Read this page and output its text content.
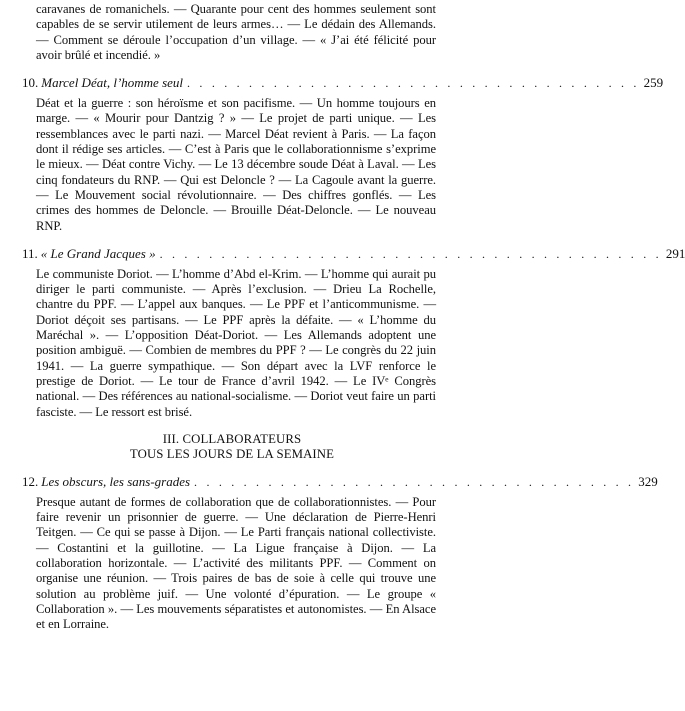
caravanes de romanichels. — Quarante pour cent des hommes seulement sont capables de se servir utilement de leurs armes… — Le dédain des Allemands. — Comment se déroule l’occupation d’un village. — « J’ai été félicité pour avoir brûlé et incendié. »

10. Marcel Déat, l’homme seul . . . . . . . . . . . . . . . . . . . . . . . . . . . . . . . . . . . . . 259

Déat et la guerre : son héroïsme et son pacifisme. — Un homme toujours en marge. — « Mourir pour Dantzig ? » — Le projet de parti unique. — Les ressemblances avec le parti nazi. — Marcel Déat revient à Paris. — La façon dont il rédige ses articles. — C’est à Paris que le collaborationnisme s’exprime le mieux. — Déat contre Vichy. — Le 13 décembre soude Déat à Laval. — Les cinq fondateurs du RNP. — Qui est Deloncle ? — La Cagoule avant la guerre. — Le Mouvement social révolutionnaire. — Des chiffres gonflés. — Les crimes des hommes de Deloncle. — Brouille Déat-Deloncle. — Le nouveau RNP.

11. « Le Grand Jacques » . . . . . . . . . . . . . . . . . . . . . . . . . . . . . . . . . . . . . . . . . 291

Le communiste Doriot. — L’homme d’Abd el-Krim. — L’homme qui aurait pu diriger le parti communiste. — Après l’exclusion. — Drieu La Rochelle, chantre du PPF. — L’appel aux banques. — Le PPF et l’anticommunisme. — Doriot déçoit ses partisans. — Le PPF après la défaite. — « L’homme du Maréchal ». — L’opposition Déat-Doriot. — Les Allemands adoptent une position ambiguë. — Combien de membres du PPF ? — Le congrès du 22 juin 1941. — La guerre sympathique. — Son départ avec la LVF renforce le prestige de Doriot. — Le tour de France d’avril 1942. — Le IVᵉ Congrès national. — Des références au national-socialisme. — Doriot veut faire un parti fasciste. — Le ressort est brisé.

III. COLLABORATEURS
TOUS LES JOURS DE LA SEMAINE
12. Les obscurs, les sans-grades . . . . . . . . . . . . . . . . . . . . . . . . . . . . . . . . . . . . 329

Presque autant de formes de collaboration que de collaborationnistes. — Pour faire revenir un prisonnier de guerre. — Une déclaration de Pierre-Henri Teitgen. — Ce qui se passe à Dijon. — Le Parti français national collectiviste. — Costantini et la guillotine. — La Ligue française à Dijon. — La collaboration horizontale. — L’activité des militants PPF. — Comment on organise une réunion. — Trois paires de bas de soie à celle qui trouve une solution au problème juif. — Une volonté d’épuration. — Le groupe « Collaboration ». — Les mouvements séparatistes et autonomistes. — En Alsace et en Lorraine.
